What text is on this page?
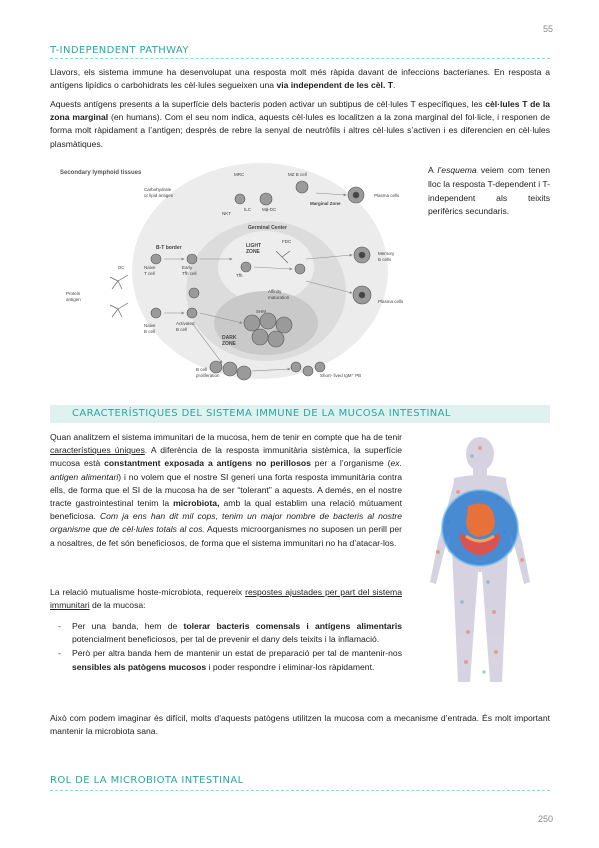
55
T-INDEPENDENT PATHWAY
Llavors, els sistema immune ha desenvolupat una resposta molt més ràpida davant de infeccions bacterianes. En resposta a antígens lipídics o carbohidrats les cèl·lules segueixen una via independent de les cèl. T.
Aquests antígens presents a la superfície dels bacteris poden activar un subtipus de cèl·lules T específiques, les cèl·lules T de la zona marginal (en humans). Com el seu nom indica, aquests cèl·lules es localitzen a la zona marginal del fol·licle, i responen de forma molt ràpidament a l’antigen; després de rebre la senyal de neutròfils i altres cèl·lules s’activen i es diferencien en cèl·lules plasmàtiques.
Secondary lymphoid tissues
Carbohydrate
or lipid antigen
MRC	MZ B cell
Plasma cells
NKT
ILC Mϕ-DC
Marginal Zone
Germinal Center
B-T border	LIGHT
ZONE
FDC
Memory
B cells
DC	Naive
T cell
Early
Tfh cell	Tfh
Affinity
maturation
Protein
antigen
Naive
B cell
Activated
B cell
SHM
DARK
ZONE
Plasma cells
B cell
proliferation	Short- lived IgM⁺ PB
A l’esquema veiem com tenen lloc la resposta T-dependent i T-independent als teixits perifèrics secundaris.
CARACTERÍSTIQUES DEL SISTEMA IMMUNE DE LA MUCOSA INTESTINAL
Quan analitzem el sistema immunitari de la mucosa, hem de tenir en compte que ha de tenir característiques úniques. A diferència de la resposta immunitària sistèmica, la superfície mucosa està constantment exposada a antígens no perillosos per a l’organisme (ex. antigen alimentari) i no volem que el nostre SI generi una forta resposta immunitària contra ells, de forma que el SI de la mucosa ha de ser “tolerant” a aquests. A demés, en el nostre tracte gastrointestinal tenim la microbiota, amb la qual establim una relació mútuament beneficiosa. Com ja ens han dit mil cops, tenim un major nombre de bacteris al nostre organisme que de cèl·lules totals al cos. Aquests microorganismes no suposen un perill per a nosaltres, de fet són beneficiosos, de forma que el sistema immunitari no ha d’atacar-los.
La relació mutualisme hoste-microbiota, requereix respostes ajustades per part del sistema immunitari de la mucosa:
- Per una banda, hem de tolerar bacteris comensals i antígens alimentaris potencialment beneficiosos, per tal de prevenir el dany dels teixits i la inflamació.
- Però per altra banda hem de mantenir un estat de preparació per tal de mantenir-nos sensibles als patògens mucosos i poder respondre i eliminar-los ràpidament.
Això com podem imaginar és difícil, molts d’aquests patògens utilitzen la mucosa com a mecanisme d’entrada. És molt important mantenir la microbiota sana.
ROL DE LA MICROBIOTA INTESTINAL
250
